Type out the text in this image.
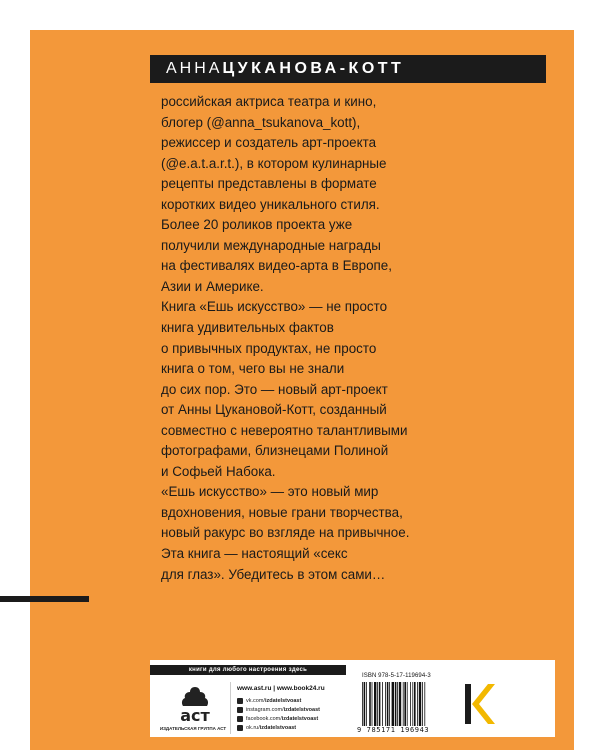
АННА ЦУКАНОВА-КОТТ
российская актриса театра и кино,
блогер (@anna_tsukanova_kott),
режиссер и создатель арт-проекта
(@e.a.t.a.r.t.), в котором кулинарные
рецепты представлены в формате
коротких видео уникального стиля.
Более 20 роликов проекта уже
получили международные награды
на фестивалях видео-арта в Европе,
Азии и Америке.
Книга «Ешь искусство» — не просто
книга удивительных фактов
о привычных продуктах, не просто
книга о том, чего вы не знали
до сих пор. Это — новый арт-проект
от Анны Цукановой-Котт, созданный
совместно с невероятно талантливыми
фотографами, близнецами Полиной
и Софьей Набока.
«Ешь искусство» — это новый мир
вдохновения, новые грани творчества,
новый ракурс во взгляде на привычное.
Эта книга — настоящий «секс
для глаз». Убедитесь в этом сами…
книги для любого настроения здесь
аст
ИЗДАТЕЛЬСКАЯ ГРУППА АСТ
www.ast.ru | www.book24.ru
vk.com/ izdatelstvoast
instagram.com/ izdatelstvoast
facebook.com/ izdatelstvoast
ok.ru/ izdatelstvoast
ISBN 978-5-17-119694-3
9 785171 196943
